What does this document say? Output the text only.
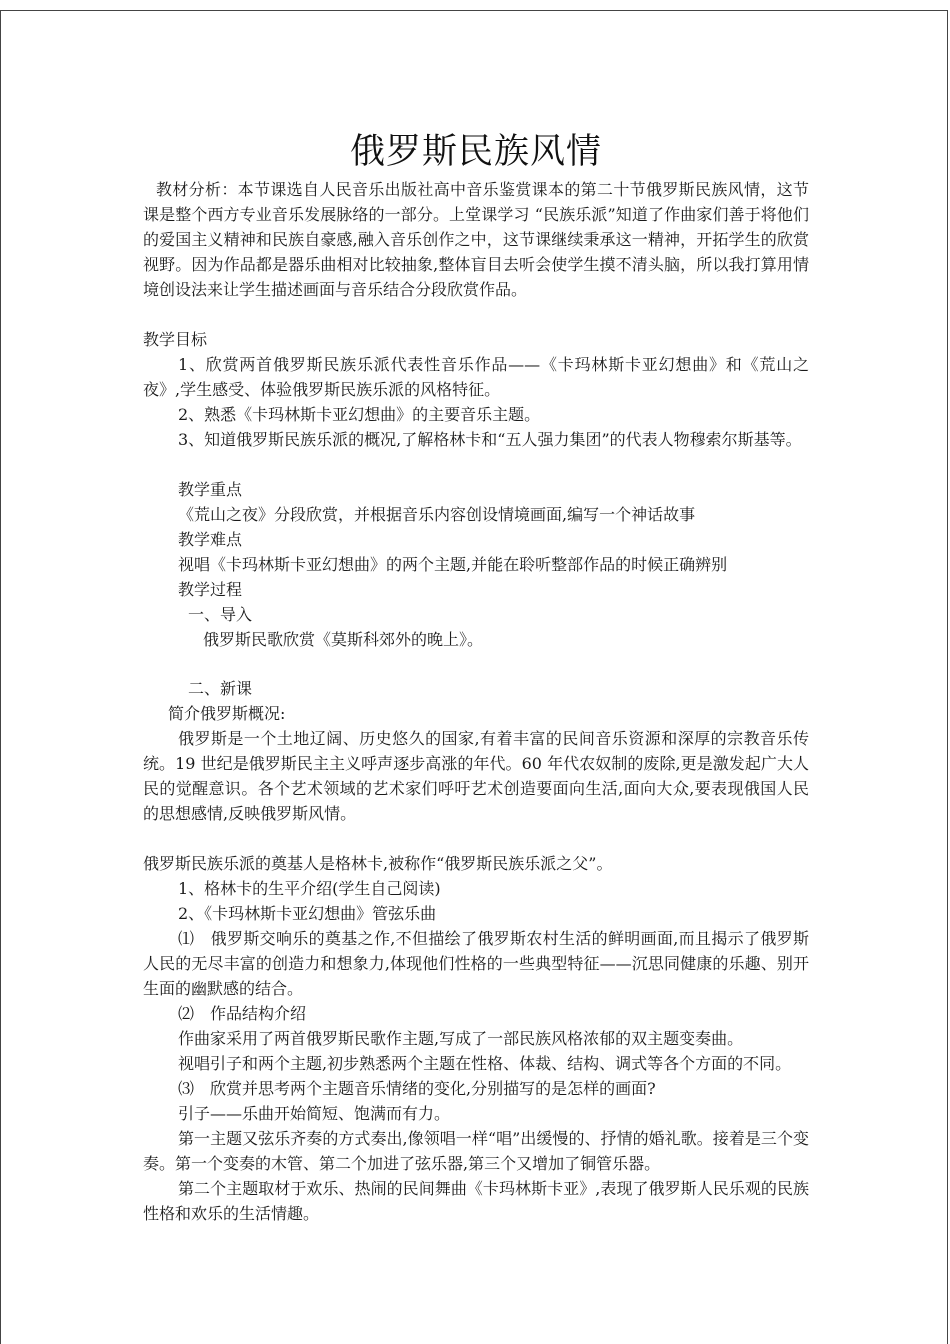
俄罗斯民族风情

教材分析：本节课选自人民音乐出版社高中音乐鉴赏课本的第二十节俄罗斯民族风情，这节课是整个西方专业音乐发展脉络的一部分。上堂课学习 “民族乐派”知道了作曲家们善于将他们的爱国主义精神和民族自豪感,融入音乐创作之中，这节课继续秉承这一精神，开拓学生的欣赏视野。因为作品都是器乐曲相对比较抽象,整体盲目去听会使学生摸不清头脑，所以我打算用情境创设法来让学生描述画面与音乐结合分段欣赏作品。

教学目标

1、欣赏两首俄罗斯民族乐派代表性音乐作品——《卡玛林斯卡亚幻想曲》和《荒山之夜》,学生感受、体验俄罗斯民族乐派的风格特征。

2、熟悉《卡玛林斯卡亚幻想曲》的主要音乐主题。

3、知道俄罗斯民族乐派的概况,了解格林卡和“五人强力集团”的代表人物穆索尔斯基等。

教学重点

《荒山之夜》分段欣赏，并根据音乐内容创设情境画面,编写一个神话故事

教学难点

视唱《卡玛林斯卡亚幻想曲》的两个主题,并能在聆听整部作品的时候正确辨别

教学过程

一、导入

俄罗斯民歌欣赏《莫斯科郊外的晚上》。

二、新课

简介俄罗斯概况:

俄罗斯是一个土地辽阔、历史悠久的国家,有着丰富的民间音乐资源和深厚的宗教音乐传统。19 世纪是俄罗斯民主主义呼声逐步高涨的年代。60 年代农奴制的废除,更是激发起广大人民的觉醒意识。各个艺术领域的艺术家们呼吁艺术创造要面向生活,面向大众,要表现俄国人民的思想感情,反映俄罗斯风情。

俄罗斯民族乐派的奠基人是格林卡,被称作“俄罗斯民族乐派之父”。

1、格林卡的生平介绍(学生自己阅读)

2、《卡玛林斯卡亚幻想曲》管弦乐曲

⑴　俄罗斯交响乐的奠基之作,不但描绘了俄罗斯农村生活的鲜明画面,而且揭示了俄罗斯人民的无尽丰富的创造力和想象力,体现他们性格的一些典型特征——沉思同健康的乐趣、别开生面的幽默感的结合。

⑵　作品结构介绍

作曲家采用了两首俄罗斯民歌作主题,写成了一部民族风格浓郁的双主题变奏曲。

视唱引子和两个主题,初步熟悉两个主题在性格、体裁、结构、调式等各个方面的不同。

⑶　欣赏并思考两个主题音乐情绪的变化,分别描写的是怎样的画面?

引子——乐曲开始简短、饱满而有力。

第一主题又弦乐齐奏的方式奏出,像领唱一样“唱”出缓慢的、抒情的婚礼歌。接着是三个变奏。第一个变奏的木管、第二个加进了弦乐器,第三个又增加了铜管乐器。

第二个主题取材于欢乐、热闹的民间舞曲《卡玛林斯卡亚》,表现了俄罗斯人民乐观的民族性格和欢乐的生活情趣。
